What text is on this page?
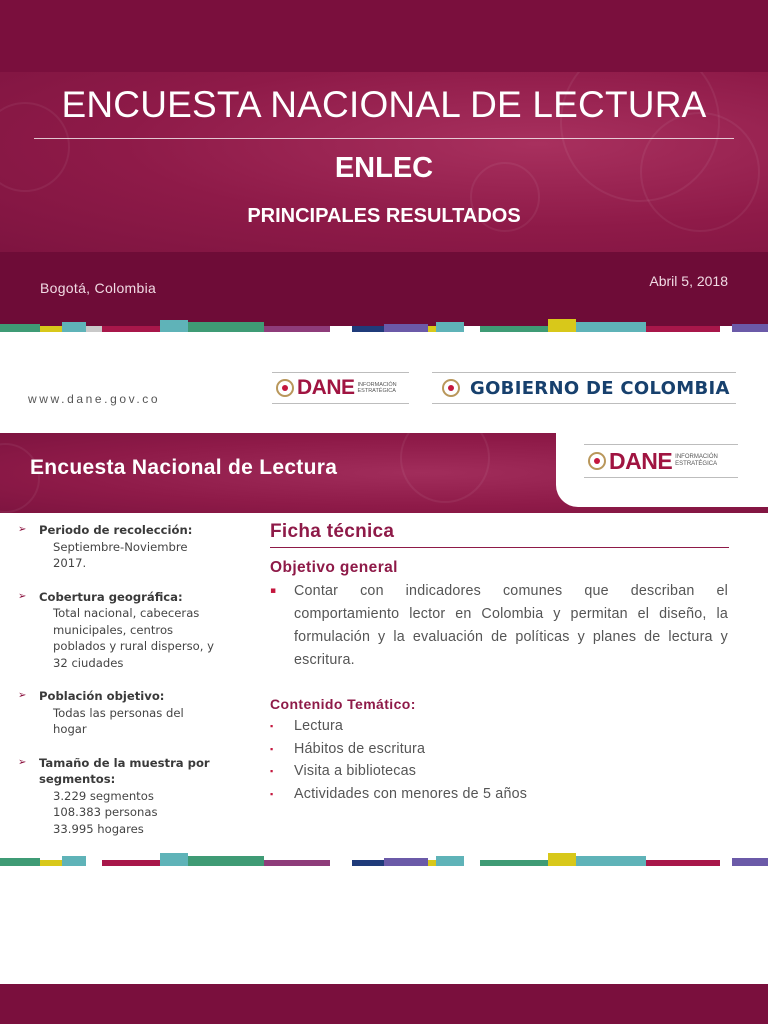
ENCUESTA NACIONAL DE LECTURA
ENLEC
PRINCIPALES RESULTADOS
Bogotá, Colombia	Abril 5, 2018
www.dane.gov.co	DANE INFORMACIÓN
ESTRATÉGICA	GOBIERNO DE COLOMBIA
DANE INFORMACIÓN
ESTRATÉGICA
Encuesta Nacional de Lectura
➢ Periodo de recolección:
Septiembre-Noviembre
2017.
➢ Cobertura geográfica:
Total nacional, cabeceras
municipales, centros
poblados y rural disperso, y
32 ciudades
➢ Población objetivo:
Todas las personas del
hogar
➢ Tamaño de la muestra por segmentos:
3.229 segmentos
108.383 personas
33.995 hogares
Ficha técnica
Objetivo general
▪ Contar con indicadores comunes que describan el comportamiento lector en Colombia y permitan el diseño, la formulación y la evaluación de políticas y planes de lectura y escritura.
Contenido Temático:
▪ Lectura
▪ Hábitos de escritura
▪ Visita a bibliotecas
▪ Actividades con menores de 5 años
